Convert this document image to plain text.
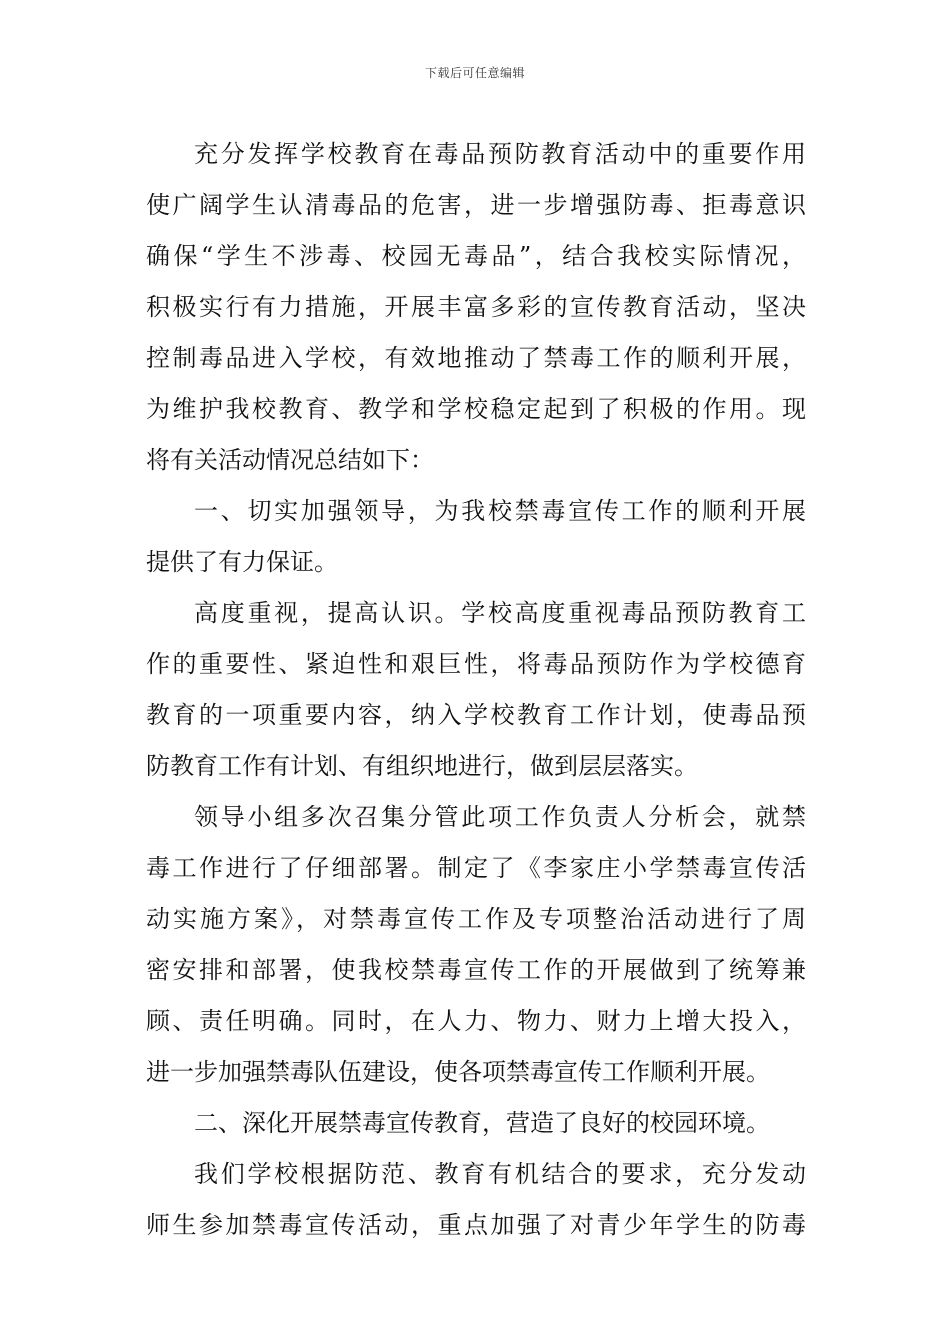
下载后可任意编辑
充分发挥学校教育在毒品预防教育活动中的重要作用
使广阔学生认清毒品的危害，进一步增强防毒、拒毒意识
确保“学生不涉毒、校园无毒品”，结合我校实际情况，
积极实行有力措施，开展丰富多彩的宣传教育活动，坚决
控制毒品进入学校，有效地推动了禁毒工作的顺利开展，
为维护我校教育、教学和学校稳定起到了积极的作用。现
将有关活动情况总结如下：
一、切实加强领导，为我校禁毒宣传工作的顺利开展
提供了有力保证。
高度重视，提高认识。学校高度重视毒品预防教育工
作的重要性、紧迫性和艰巨性，将毒品预防作为学校德育
教育的一项重要内容，纳入学校教育工作计划，使毒品预
防教育工作有计划、有组织地进行，做到层层落实。
领导小组多次召集分管此项工作负责人分析会，就禁
毒工作进行了仔细部署。制定了《李家庄小学禁毒宣传活
动实施方案》，对禁毒宣传工作及专项整治活动进行了周
密安排和部署，使我校禁毒宣传工作的开展做到了统筹兼
顾、责任明确。同时，在人力、物力、财力上增大投入，
进一步加强禁毒队伍建设，使各项禁毒宣传工作顺利开展。
二、深化开展禁毒宣传教育，营造了良好的校园环境。
我们学校根据防范、教育有机结合的要求，充分发动
师生参加禁毒宣传活动，重点加强了对青少年学生的防毒
